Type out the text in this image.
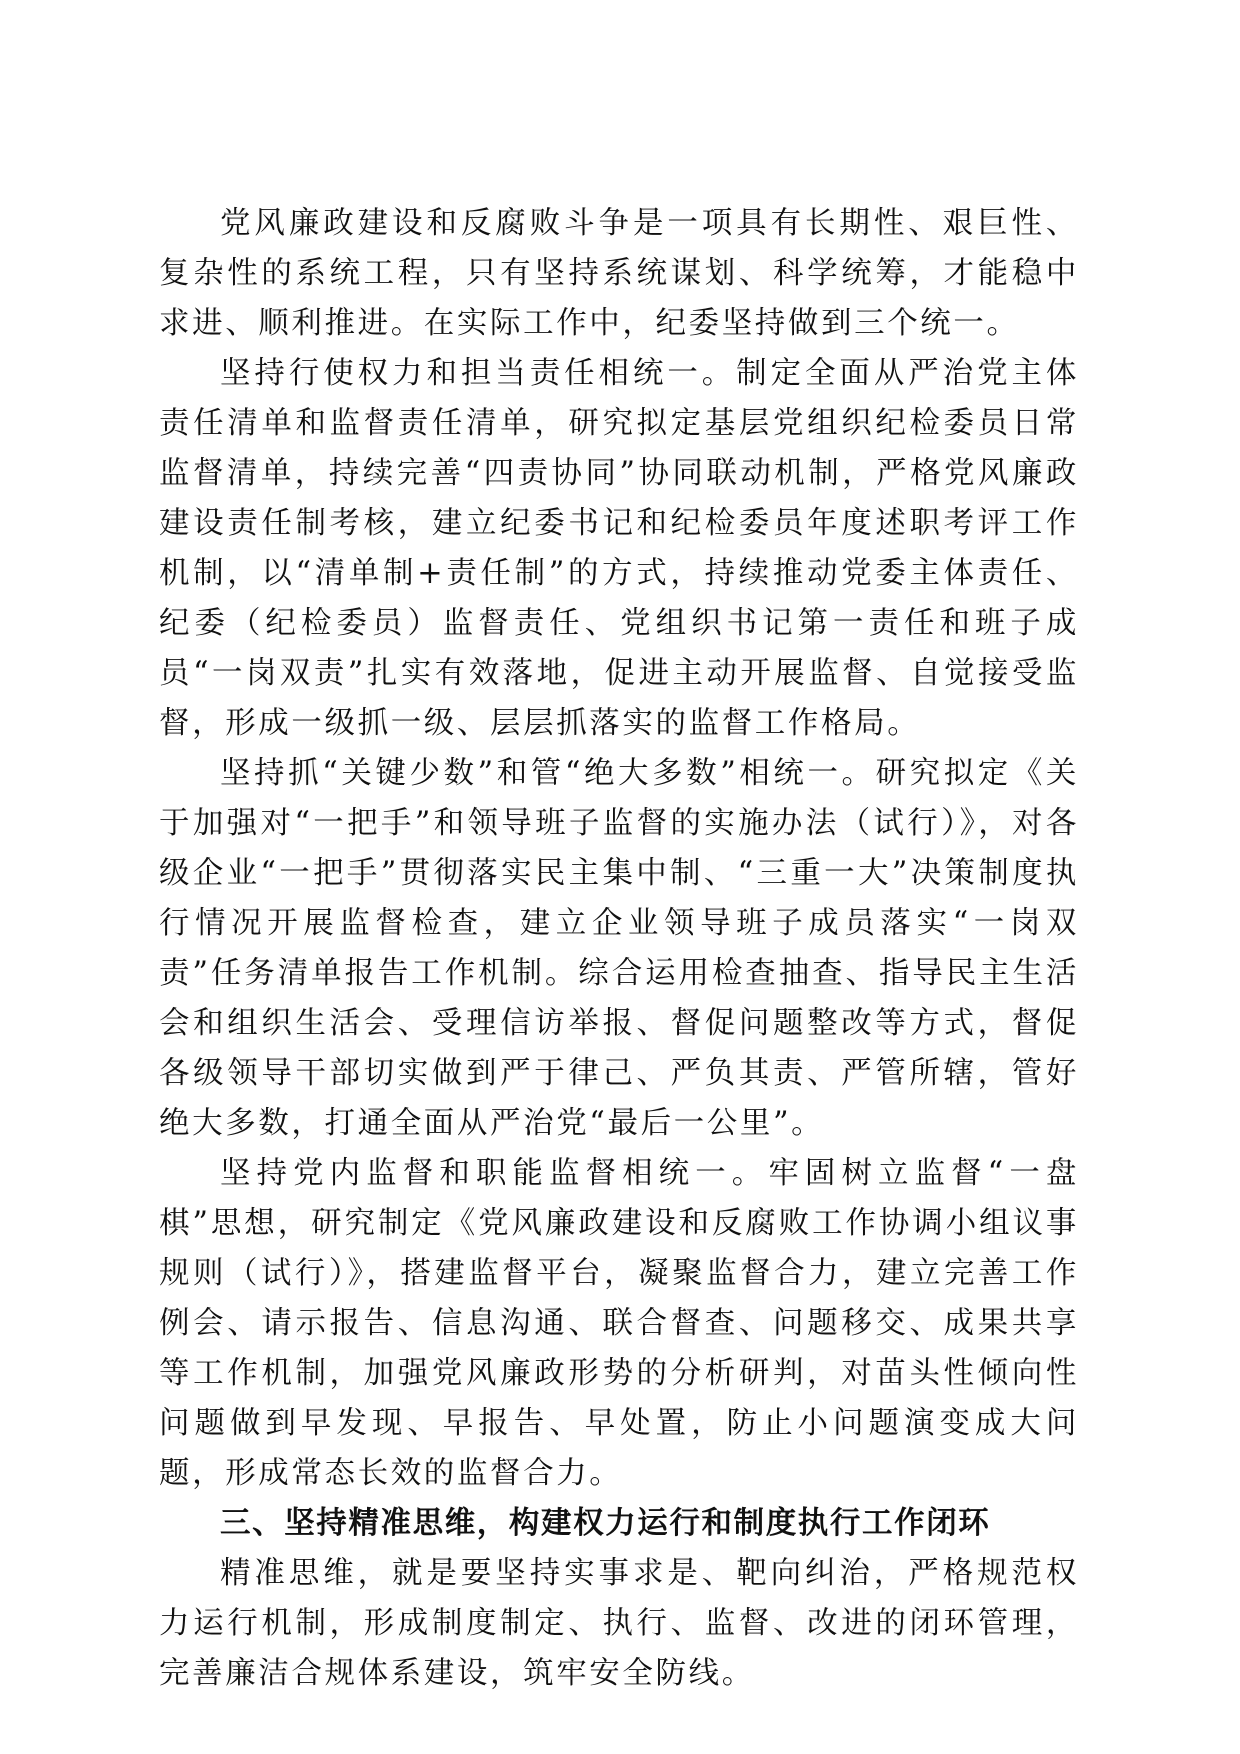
党风廉政建设和反腐败斗争是一项具有长期性、艰巨性、复杂性的系统工程，只有坚持系统谋划、科学统筹，才能稳中求进、顺利推进。在实际工作中，纪委坚持做到三个统一。

坚持行使权力和担当责任相统一。制定全面从严治党主体责任清单和监督责任清单，研究拟定基层党组织纪检委员日常监督清单，持续完善“四责协同”协同联动机制，严格党风廉政建设责任制考核，建立纪委书记和纪检委员年度述职考评工作机制，以“清单制+责任制”的方式，持续推动党委主体责任、纪委（纪检委员）监督责任、党组织书记第一责任和班子成员“一岗双责”扎实有效落地，促进主动开展监督、自觉接受监督，形成一级抓一级、层层抓落实的监督工作格局。

坚持抓“关键少数”和管“绝大多数”相统一。研究拟定《关于加强对“一把手”和领导班子监督的实施办法（试行）》，对各级企业“一把手”贯彻落实民主集中制、“三重一大”决策制度执行情况开展监督检查，建立企业领导班子成员落实“一岗双责”任务清单报告工作机制。综合运用检查抽查、指导民主生活会和组织生活会、受理信访举报、督促问题整改等方式，督促各级领导干部切实做到严于律己、严负其责、严管所辖，管好绝大多数，打通全面从严治党“最后一公里”。

坚持党内监督和职能监督相统一。牢固树立监督“一盘棋”思想，研究制定《党风廉政建设和反腐败工作协调小组议事规则（试行）》，搭建监督平台，凝聚监督合力，建立完善工作例会、请示报告、信息沟通、联合督查、问题移交、成果共享等工作机制，加强党风廉政形势的分析研判，对苗头性倾向性问题做到早发现、早报告、早处置，防止小问题演变成大问题，形成常态长效的监督合力。

三、坚持精准思维，构建权力运行和制度执行工作闭环

精准思维，就是要坚持实事求是、靶向纠治，严格规范权力运行机制，形成制度制定、执行、监督、改进的闭环管理，完善廉洁合规体系建设，筑牢安全防线。
